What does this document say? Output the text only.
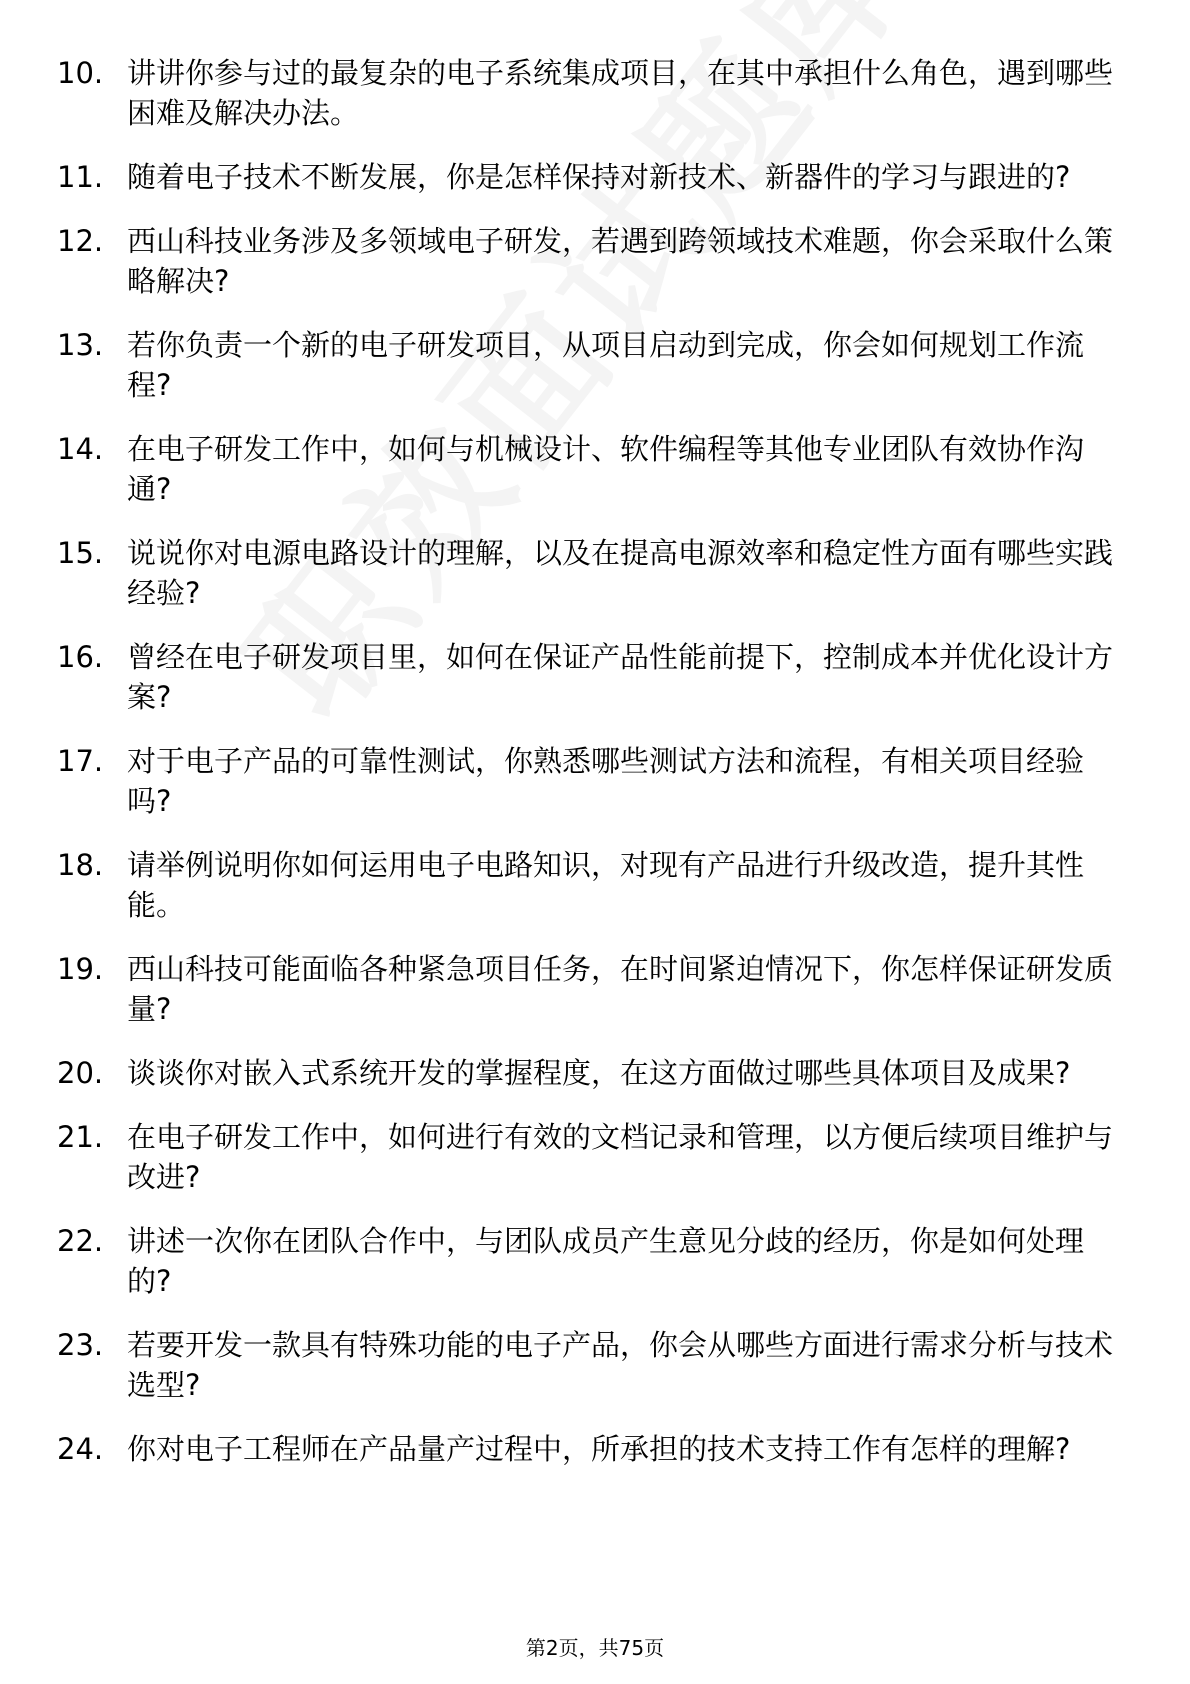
10. 讲讲你参与过的最复杂的电子系统集成项目，在其中承担什么角色，遇到哪些困难及解决办法。
11. 随着电子技术不断发展，你是怎样保持对新技术、新器件的学习与跟进的?
12. 西山科技业务涉及多领域电子研发，若遇到跨领域技术难题，你会采取什么策略解决?
13. 若你负责一个新的电子研发项目，从项目启动到完成，你会如何规划工作流程?
14. 在电子研发工作中，如何与机械设计、软件编程等其他专业团队有效协作沟通?
15. 说说你对电源电路设计的理解，以及在提高电源效率和稳定性方面有哪些实践经验?
16. 曾经在电子研发项目里，如何在保证产品性能前提下，控制成本并优化设计方案?
17. 对于电子产品的可靠性测试，你熟悉哪些测试方法和流程，有相关项目经验吗?
18. 请举例说明你如何运用电子电路知识，对现有产品进行升级改造，提升其性能。
19. 西山科技可能面临各种紧急项目任务，在时间紧迫情况下，你怎样保证研发质量?
20. 谈谈你对嵌入式系统开发的掌握程度，在这方面做过哪些具体项目及成果?
21. 在电子研发工作中，如何进行有效的文档记录和管理，以方便后续项目维护与改进?
22. 讲述一次你在团队合作中，与团队成员产生意见分歧的经历，你是如何处理的?
23. 若要开发一款具有特殊功能的电子产品，你会从哪些方面进行需求分析与技术选型?
24. 你对电子工程师在产品量产过程中，所承担的技术支持工作有怎样的理解?
第2页，共75页
